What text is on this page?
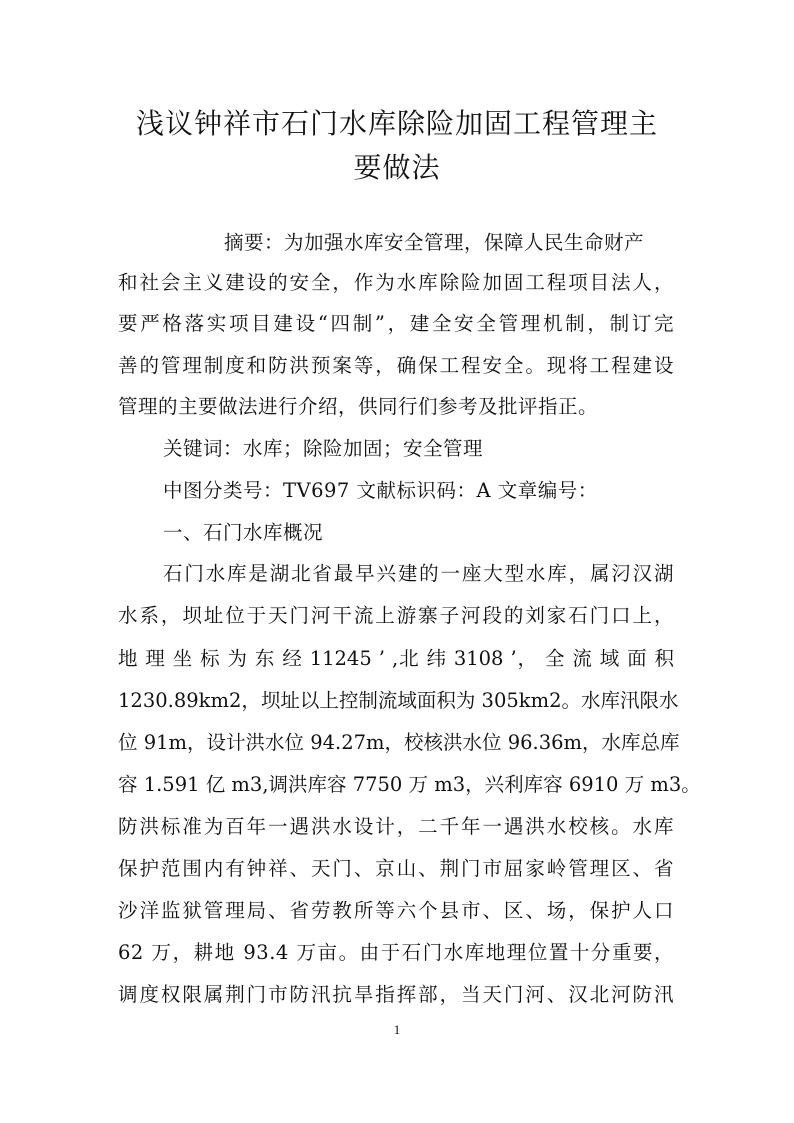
浅议钟祥市石门水库除险加固工程管理主
要做法
摘要：为加强水库安全管理，保障人民生命财产
和社会主义建设的安全，作为水库除险加固工程项目法人，
要严格落实项目建设“四制”，建全安全管理机制，制订完
善的管理制度和防洪预案等，确保工程安全。现将工程建设
管理的主要做法进行介绍，供同行们参考及批评指正。
关键词：水库；除险加固；安全管理
中图分类号：TV697 文献标识码：A 文章编号：
一、石门水库概况
石门水库是湖北省最早兴建的一座大型水库，属汈汉湖
水系，坝址位于天门河干流上游寨子河段的刘家石门口上，
地 理 坐 标 为 东 经 11245 ’ ,北 纬 3108 ’， 全 流 域 面 积
1230.89km2，坝址以上控制流域面积为 305km2。水库汛限水
位 91m，设计洪水位 94.27m，校核洪水位 96.36m，水库总库
容 1.591 亿 m3,调洪库容 7750 万 m3，兴利库容 6910 万 m3。
防洪标准为百年一遇洪水设计，二千年一遇洪水校核。水库
保护范围内有钟祥、天门、京山、荆门市屈家岭管理区、省
沙洋监狱管理局、省劳教所等六个县市、区、场，保护人口
62 万，耕地 93.4 万亩。由于石门水库地理位置十分重要，
调度权限属荆门市防汛抗旱指挥部，当天门河、汉北河防汛
1
